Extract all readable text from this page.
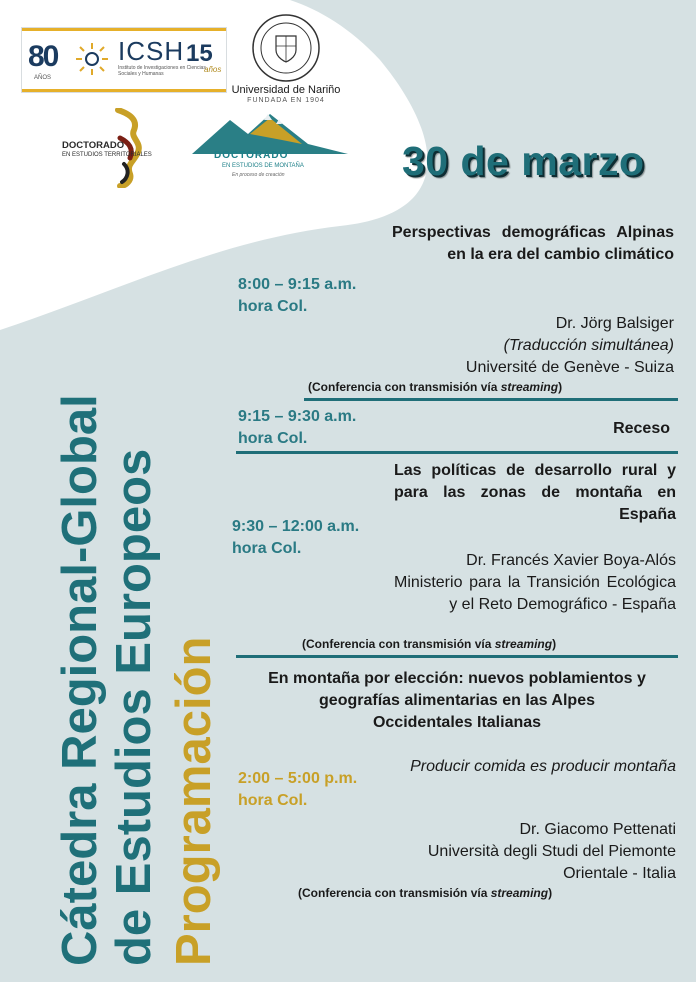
80
AÑOS
ICSH 15
años
Instituto de Investigaciones en Ciencias Sociales y Humanas
Universidad de Nariño
FUNDADA EN 1904
DOCTORADO
EN ESTUDIOS TERRITORIALES	DOCTORADO
EN ESTUDIOS DE MONTAÑA
En proceso de creación	30 de marzo
Cátedra Regional-Global de Estudios Europeos Programación
Perspectivas demográficas Alpinas en la era del cambio climático
8:00 – 9:15 a.m.
hora Col.
Dr. Jörg Balsiger
(Traducción simultánea)
Université de Genève - Suiza
(Conferencia con transmisión vía streaming)
9:15 – 9:30 a.m.
hora Col.
Receso
Las políticas de desarrollo rural y para las zonas de montaña en España
9:30 – 12:00 a.m.
hora Col.
Dr. Francés Xavier Boya-Alós
Ministerio para la Transición Ecológica y el Reto Demográfico - España
(Conferencia con transmisión vía streaming)
En montaña por elección: nuevos poblamientos y geografías alimentarias en las Alpes Occidentales Italianas
Producir comida es producir montaña
2:00 – 5:00 p.m.
hora Col.
Dr. Giacomo Pettenati
Università degli Studi del Piemonte Orientale - Italia
(Conferencia con transmisión vía streaming)
